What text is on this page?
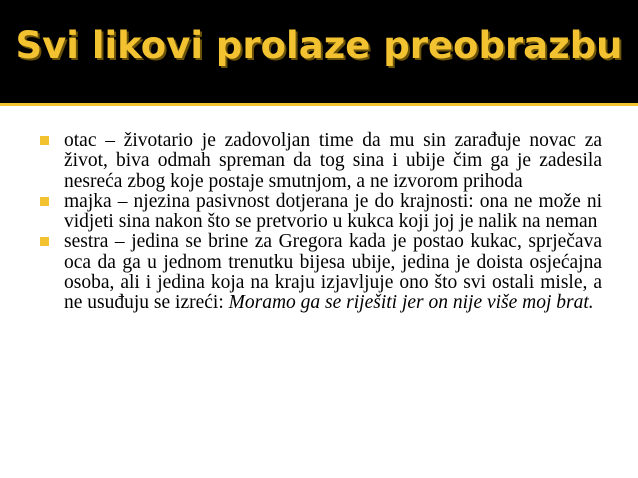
Svi likovi prolaze preobrazbu
otac – životario je zadovoljan time da mu sin zarađuje novac za život, biva odmah spreman da tog sina i ubije čim ga je zadesila nesreća zbog koje postaje smutnjom, a ne izvorom prihoda
majka – njezina pasivnost dotjerana je do krajnosti: ona ne može ni vidjeti sina nakon što se pretvorio u kukca koji joj je nalik na neman
sestra – jedina se brine za Gregora kada je postao kukac, sprječava oca da ga u jednom trenutku bijesa ubije, jedina je doista osjećajna osoba, ali i jedina koja na kraju izjavljuje ono što svi ostali misle, a ne usuđuju se izreći: Moramo ga se riješiti jer on nije više moj brat.
